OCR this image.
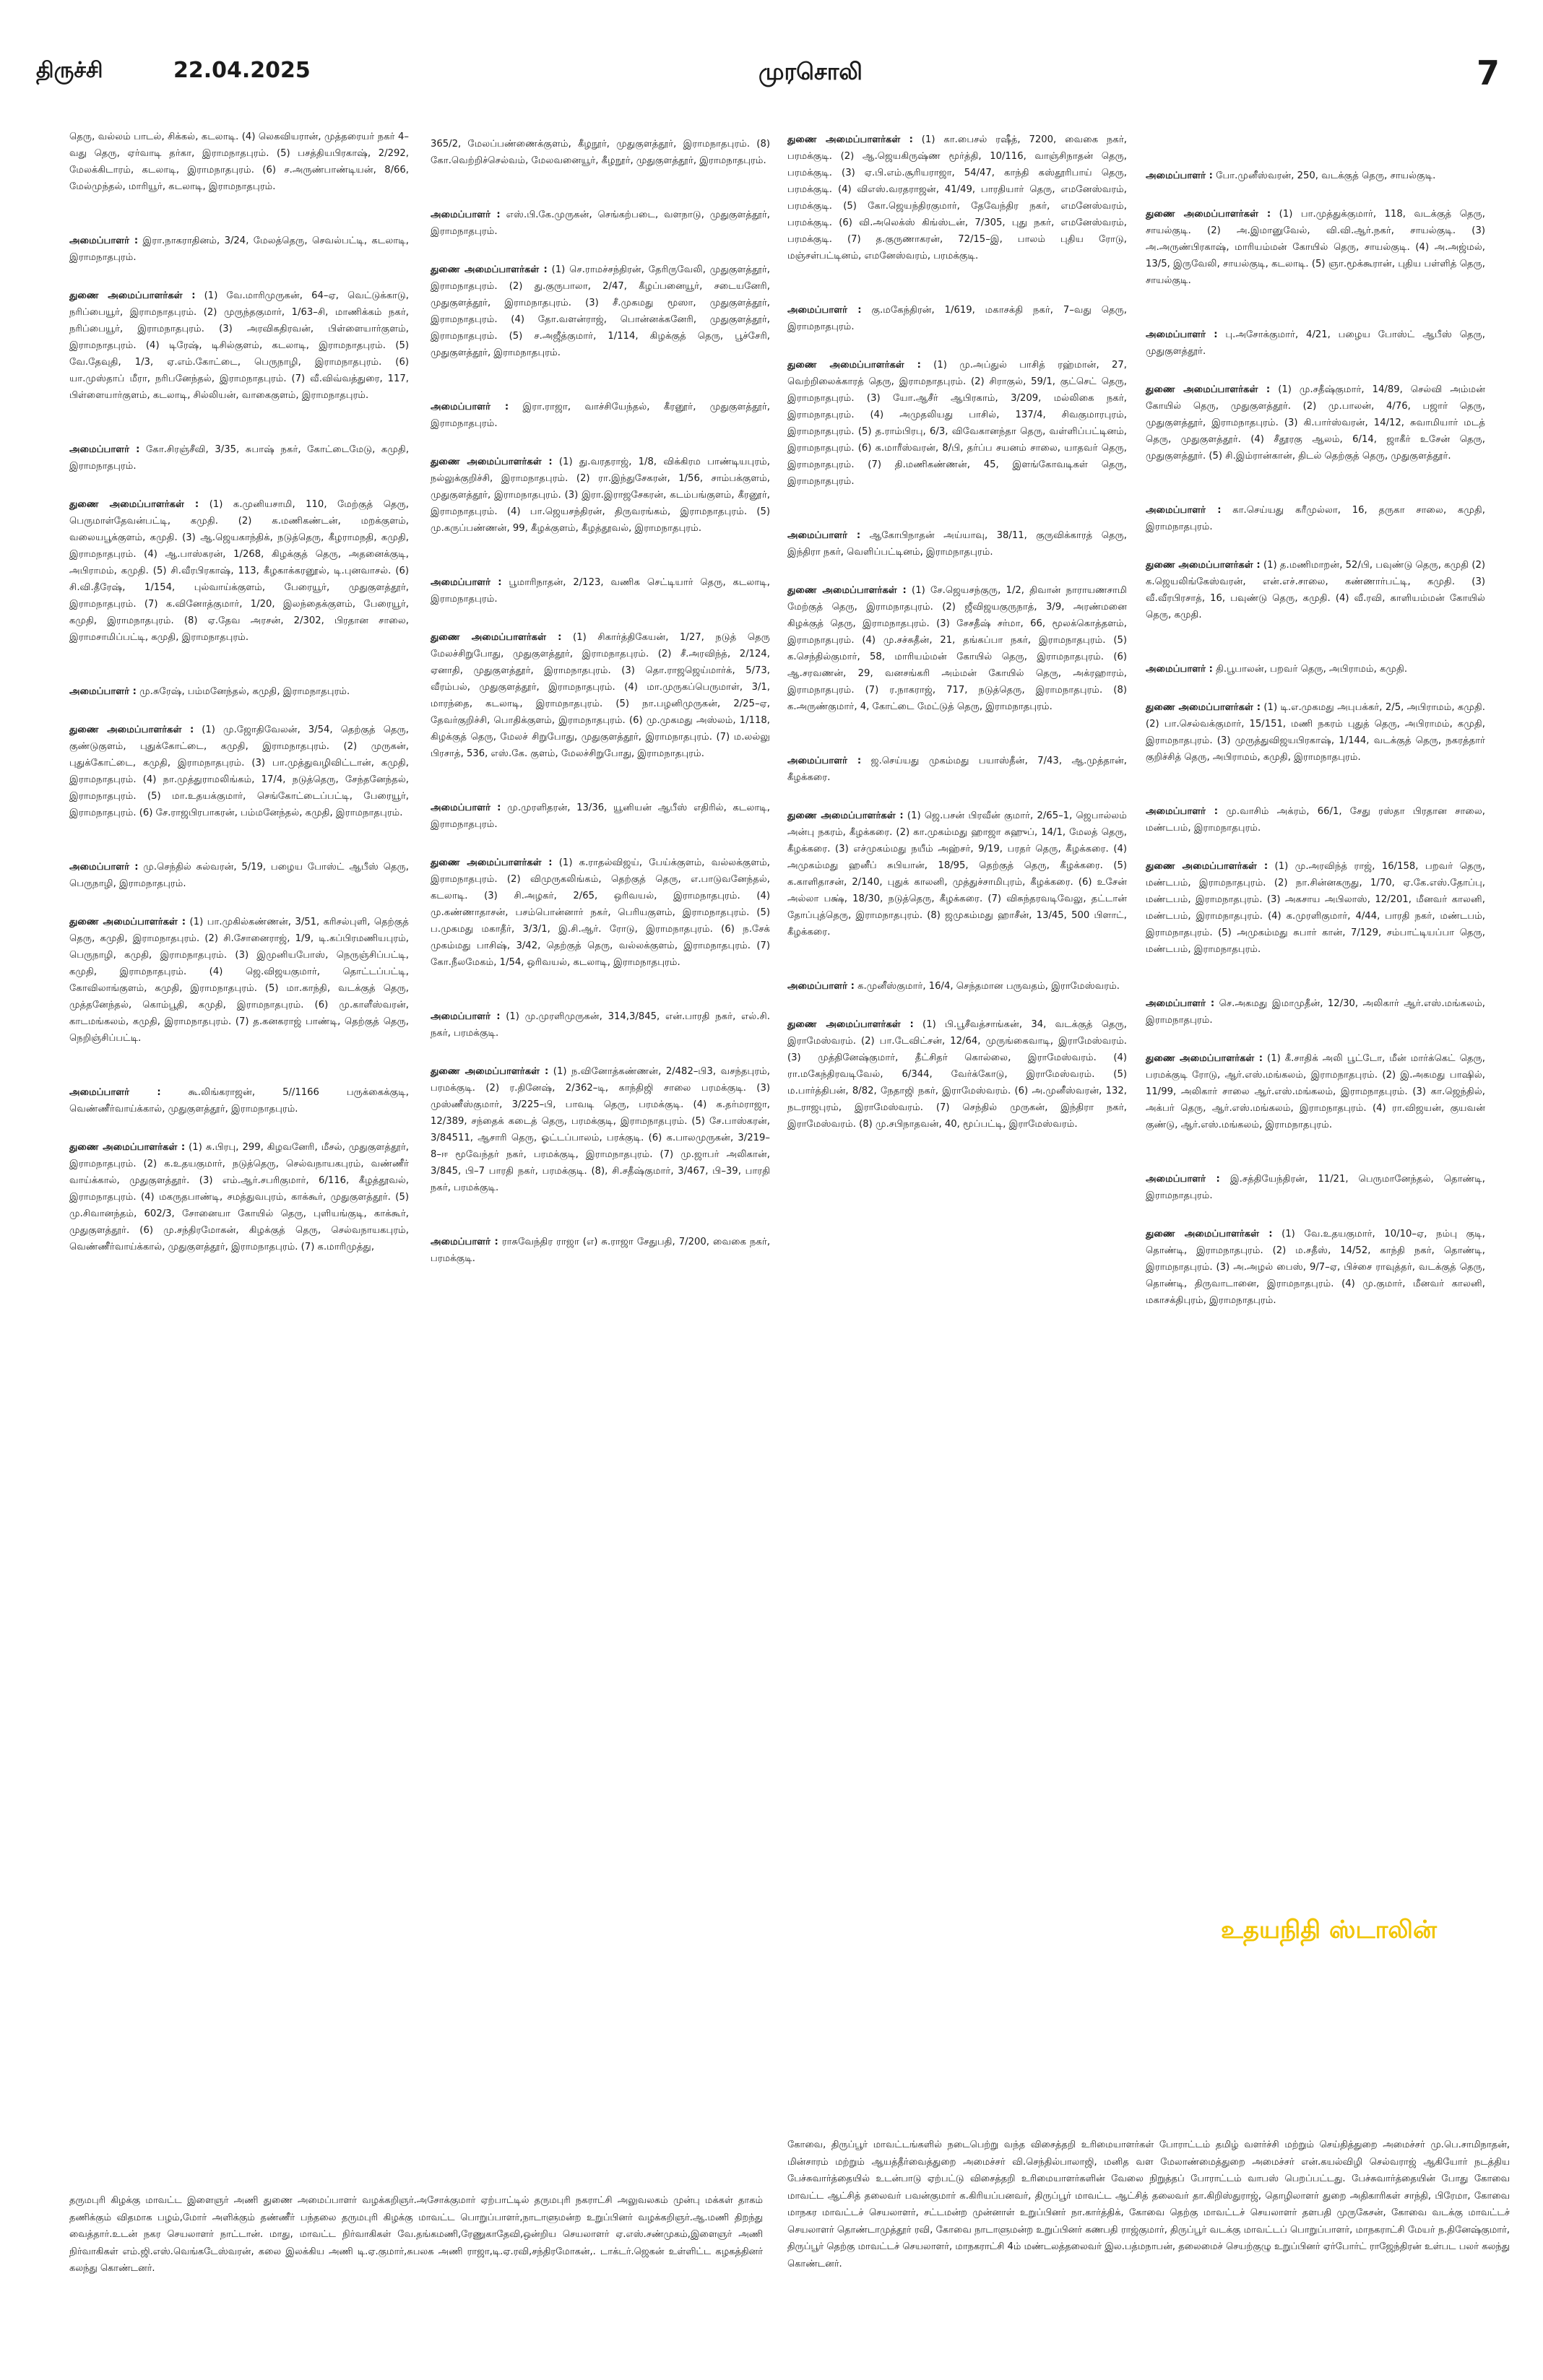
திருச்சி	22.04.2025	முரசொலி	7

தெரு, வல்லம் பாடல், சிக்கல், கடலாடி. (4) லெகவியரான், முத்தரையர் நகர் 4–வது தெரு, ஏர்வாடி தர்கா, இராமநாதபுரம். (5) பசத்தியபிரகாஷ், 2/292, மேலக்கிடாரம், கடலாடி, இராமநாதபுரம். (6) ச.அருண்பாண்டியன், 8/66, மேல்முந்தல், மாரியூர், கடலாடி, இராமநாதபுரம்.

அமைப்பாளர் : இரா.நாகராதினம், 3/24, மேலத்தெரு, செவல்பட்டி, கடலாடி, இராமநாதபுரம்.

துணை அமைப்பாளர்கள் : (1) வே.மாரிமுருகன், 64–ஏ, வெட்டுக்காடு, நரிப்பையூர், இராமநாதபுரம். (2) முருந்தகுமார், 1/63–சி, மாணிக்கம் நகர், நரிப்பையூர், இராமநாதபுரம். (3) அரவிகதிரவன், பிள்ளையார்குளம், இராமநாதபுரம். (4) டிரேஷ், டிசில்குளம், கடலாடி, இராமநாதபுரம். (5) வே.தேவுதி, 1/3, ஏ.எம்.கோட்டை, பெருநாழி, இராமநாதபுரம். (6) யா.முஸ்தாப் மீரா, நரிபனேந்தல், இராமநாதபுரம். (7) வீ.விவ்வத்துரை, 117, பிள்ளையார்குளம், கடலாடி, சில்லியன், வாகைகுளம், இராமநாதபுரம்.

அமைப்பாளர் : கோ.சிரஞ்சீவி, 3/35, சுபாஷ் நகர், கோட்டைமேடு, கமுதி, இராமநாதபுரம்.

துணை அமைப்பாளர்கள் : (1) க.முனியசாமி, 110, மேற்குத் தெரு, பெருமாள்தேவன்பட்டி, கமுதி. (2) க.மணிகண்டன், மறக்குளம், வலையபூக்குளம், கமுதி. (3) ஆ.ஜெயகாந்திக், நடுத்தெரு, கீழராமநதி, கமுதி, இராமநாதபுரம். (4) ஆ.பாஸ்கரன், 1/268, கிழக்குத் தெரு, அதனைக்குடி, அபிராமம், கமுதி. (5) சி.வீரபிரகாஷ், 113, கீழகாக்கரனூல், டி.புனவாசல். (6) சி.வி.தீரேஷ், 1/154, புல்வாய்க்குளம், பேரையூர், முதுகுளத்தூர், இராமநாதபுரம். (7) க.வினோத்குமார், 1/20, இலந்தைக்குளம், பேரையூர், கமுதி, இராமநாதபுரம். (8) ஏ.தேவ அரசன், 2/302, பிரதான சாலை, இராமசாமிப்பட்டி, கமுதி, இராமநாதபுரம்.

அமைப்பாளர் : மு.சுரேஷ், பம்மனேந்தல், கமுதி, இராமநாதபுரம்.

துணை அமைப்பாளர்கள் : (1) மு.ஜோதிவேலன், 3/54, தெற்குத் தெரு, குண்டுகுளம், புதுக்கோட்டை, கமுதி, இராமநாதபுரம். (2) முருகன், புதுக்கோட்டை, கமுதி, இராமநாதபுரம். (3) பா.முத்துவழிவிட்டான், கமுதி, இராமநாதபுரம். (4) நா.முத்துராமலிங்கம், 17/4, நடுத்தெரு, சேந்தனேந்தல், இராமநாதபுரம். (5) மா.உதயக்குமார், செங்கோட்டைப்பட்டி, பேரையூர், இராமநாதபுரம். (6) சே.ராஜபிரபாகரன், பம்மனேந்தல், கமுதி, இராமநாதபுரம்.

அமைப்பாளர் : மு.செந்தில் சுல்வரன், 5/19, பழைய போஸ்ட் ஆபீஸ் தெரு, பெருநாழி, இராமநாதபுரம்.

துணை அமைப்பாளர்கள் : (1) பா.முகில்கண்ணன், 3/51, கரிசல்புளி, தெற்குத் தெரு, கமுதி, இராமநாதபுரம். (2) சி.சோனைராஜ், 1/9, டி.கப்பிரமணியபுரம், பெருநாழி, கமுதி, இராமநாதபுரம். (3) இமுனியபோஸ், நெருஞ்சிப்பட்டி, கமுதி, இராமநாதபுரம். (4) ஜெ.விஜயகுமார், தொட்டப்பட்டி, கோவிலாங்குளம், கமுதி, இராமநாதபுரம். (5) மா.காந்தி, வடக்குத் தெரு, முத்தனேந்தல், கொம்பூதி, கமுதி, இராமநாதபுரம். (6) மு.காளீஸ்வரன், காடமங்கலம், கமுதி, இராமநாதபுரம். (7) த.கனகராஜ் பாண்டி, தெற்குத் தெரு, நெறிஞ்சிப்பட்டி.

அமைப்பாளர் : கூ.லிங்கராஜன், 5//1166 பருக்கைக்குடி, வெண்ணீர்வாய்க்கால், முதுகுளத்தூர், இராமநாதபுரம்.

துணை அமைப்பாளர்கள் : (1) சு.பிரபு, 299, கிழவனேரி, மீசல், முதுகுளத்தூர், இராமநாதபுரம். (2) க.உதயகுமார், நடுத்தெரு, செல்வநாயகபுரம், வண்ணீர் வாய்க்கால், முதுகுளத்தூர். (3) எம்.ஆர்.சபரிகுமார், 6/116, கீழத்தூவல், இராமநாதபுரம். (4) மகருதபாண்டி, சமத்துவபுரம், காக்கூர், முதுகுளத்தூர். (5) மு.சிவானந்தம், 602/3, சோனையா கோயில் தெரு, புளியங்குடி, காக்கூர், முதுகுளத்தூர். (6) மு.சந்திரமோகன், கிழக்குத் தெரு, செல்வநாயகபுரம், வெண்ணீர்வாய்க்கால், முதுகுளத்தூர், இராமநாதபுரம். (7) க.மாரிமுத்து,

365/2, மேலப்பண்ணைக்குளம், கீழநூர், முதுகுளத்தூர், இராமநாதபுரம். (8) கோ.வெற்றிச்செல்வம், மேலவனையூர், கீழநூர், முதுகுளத்தூர், இராமநாதபுரம்.

அமைப்பாளர் : எஸ்.பி.கே.முருகன், செங்கற்படை, வளநாடு, முதுகுளத்தூர், இராமநாதபுரம்.

துணை அமைப்பாளர்கள் : (1) செ.ராமச்சந்திரன், தேரிருவேலி, முதுகுளத்தூர், இராமநாதபுரம். (2) து.குருபாலா, 2/47, கீழப்பனையூர், சடையனேரி, முதுகுளத்தூர், இராமநாதபுரம். (3) சீ.முகமது மூஸா, முதுகுளத்தூர், இராமநாதபுரம். (4) தோ.வளன்ராஜ், பொன்னக்கனேரி, முதுகுளத்தூர், இராமநாதபுரம். (5) ச.அஜீத்குமார், 1/114, கிழக்குத் தெரு, பூச்சேரி, முதுகுளத்தூர், இராமநாதபுரம்.

அமைப்பாளர் : இரா.ராஜா, வாச்சியேந்தல், கீரனூர், முதுகுளத்தூர், இராமநாதபுரம்.

துணை அமைப்பாளர்கள் : (1) து.வரதராஜ், 1/8, விக்கிரம பாண்டியபுரம், நல்லுக்குறிச்சி, இராமநாதபுரம். (2) ரா.இந்துசேகரன், 1/56, சாம்பக்குளம், முதுகுளத்தூர், இராமநாதபுரம். (3) இரா.இராஜசேகரன், கடம்பங்குளம், கீரனூர், இராமநாதபுரம். (4) பா.ஜெயசந்திரன், திருவரங்கம், இராமநாதபுரம். (5) மு.கருப்பண்ணன், 99, கீழக்குளம், கீழத்தூவல், இராமநாதபுரம்.

அமைப்பாளர் : பூமாரிநாதன், 2/123, வணிக செட்டியார் தெரு, கடலாடி, இராமநாதபுரம்.

துணை அமைப்பாளர்கள் : (1) சிகார்த்திகேயன், 1/27, நடுத் தெரு மேலச்சிறுபோது, முதுகுளத்தூர், இராமநாதபுரம். (2) சீ.அரவிந்த், 2/124, ஏனாதி, முதுகுளத்தூர், இராமநாதபுரம். (3) தொ.ராஜஜெய்மார்க், 5/73, வீரம்பல், முதுகுளத்தூர், இராமநாதபுரம். (4) மா.முருகப்பெருமாள், 3/1, மாரந்தை, கடலாடி, இராமநாதபுரம். (5) நா.பழனிமுருகன், 2/25–ஏ, தேவர்குறிச்சி, பொதிக்குளம், இராமநாதபுரம். (6) மு.முகமது அஸ்லம், 1/118, கிழக்குத் தெரு, மேலச் சிறுபோது, முதுகுளத்தூர், இராமநாதபுரம். (7) ம.லல்லு பிரசாத், 536, எஸ்.கே. குளம், மேலச்சிறுபோது, இராமநாதபுரம்.

அமைப்பாளர் : மு.முரளிதரன், 13/36, யூனியன் ஆபீஸ் எதிரில், கடலாடி, இராமநாதபுரம்.

துணை அமைப்பாளர்கள் : (1) க.ராதல்விஜய், பேய்க்குளம், வல்லக்குளம், இராமநாதபுரம். (2) விமுருகலிங்கம், தெற்குத் தெரு, எ.பாடுவனேந்தல், கடலாடி. (3) சி.அழகர், 2/65, ஒரிவயல், இராமநாதபுரம். (4) மு.கண்ணாதாசன், பசம்பொன்னார் நகர், பெரியகுளம், இராமநாதபுரம். (5) ப.முகமது மகாதீர், 3/3/1, இ.சி.ஆர். ரோடு, இராமநாதபுரம். (6) ந.சேக் முகம்மது பாசிஷ், 3/42, தெற்குத் தெரு, வல்லக்குளம், இராமநாதபுரம். (7) கோ.நீலமேகம், 1/54, ஒரிவயல், கடலாடி, இராமநாதபுரம்.

அமைப்பாளர் : (1) மு.முரளிமுருகன், 314,3/845, என்.பாரதி நகர், எல்.சி. நகர், பரமக்குடி.

துணை அமைப்பாளர்கள் : (1) ந.வினோத்கண்ணன், 2/482–பி3, வசந்தபுரம், பரமக்குடி. (2) ர.தினேஷ், 2/362–டி, காந்திஜி சாலை பரமக்குடி. (3) முஸ்ணீஸ்குமார், 3/225–பி, பாவடி தெரு, பரமக்குடி. (4) க.தர்மராஜா, 12/389, சந்தைக் கடைத் தெரு, பரமக்குடி, இராமநாதபுரம். (5) சே.பாஸ்கரன், 3/84511, ஆசாரி தெரு, ஓட்டப்பாலம், பரக்குடி. (6) க.பாலமுருகன், 3/219–8–ஈ மூவேந்தர் நகர், பரமக்குடி, இராமநாதபுரம். (7) மு.ஜாபர் அலிகான், 3/845, பி–7 பாரதி நகர், பரமக்குடி. (8), சி.சதீஷ்குமார், 3/467, பி–39, பாரதி நகர், பரமக்குடி.

அமைப்பாளர் : ராசுவேந்திர ராஜா (எ) சு.ராஜா சேதுபதி, 7/200, வைகை நகர், பரமக்குடி.

துணை அமைப்பாளர்கள் : (1) கா.பைசல் ரஷீத், 7200, வைகை நகர், பரமக்குடி. (2) ஆ.ஜெயகிருஷ்ண மூர்த்தி, 10/116, வாஞ்சிநாதன் தெரு, பரமக்குடி. (3) ஏ.பி.எம்.சூரியராஜா, 54/47, காந்தி கஸ்தூரிபாய் தெரு, பரமக்குடி. (4) விஎஸ்.வரதராஜன், 41/49, பாரதியார் தெரு, எமனேஸ்வரம், பரமக்குடி. (5) கோ.ஜெயந்திரகுமார், தேவேந்திர நகர், எமனேஸ்வரம், பரமக்குடி. (6) வி.அலெக்ஸ் கிங்ஸ்டன், 7/305, புது நகர், எமனேஸ்வரம், பரமக்குடி. (7) த.குருணாகரன், 72/15–இ, பாலம் புதிய ரோடு, மஞ்சள்பட்டினம், எமனேஸ்வரம், பரமக்குடி.

அமைப்பாளர் : கு.மகேந்திரன், 1/619, மகாசக்தி நகர், 7–வது தெரு, இராமநாதபுரம்.

துணை அமைப்பாளர்கள் : (1) மு.அப்துல் பாசித் ரஹ்மான், 27, வெற்றிலைக்காரத் தெரு, இராமநாதபுரம். (2) சிராகுல், 59/1, குட்செட் தெரு, இராமநாதபுரம். (3) யோ.ஆசீர் ஆபிரகாம், 3/209, மல்லிகை நகர், இராமநாதபுரம். (4) அமுதலியது பாசில், 137/4, சிவகுமாரபுரம், இராமநாதபுரம். (5) த.ராம்பிரபு, 6/3, விவேகானந்தா தெரு, வள்ளிப்பட்டினம், இராமநாதபுரம். (6) க.மாரீஸ்வரன், 8/பி, தர்ப்ப சயனம் சாலை, யாதவர் தெரு, இராமநாதபுரம். (7) தி.மணிகண்ணன், 45, இளங்கோவடிகள் தெரு, இராமநாதபுரம்.

அமைப்பாளர் : ஆகோபிநாதன் அய்யாவு, 38/11, குருவிக்காரத் தெரு, இந்திரா நகர், வெளிப்பட்டினம், இராமநாதபுரம்.

துணை அமைப்பாளர்கள் : (1) சே.ஜெயசந்குரு, 1/2, திவான் நாராயணசாமி மேற்குத் தெரு, இராமநாதபுரம். (2) ஜீவிஜயகுருநாத், 3/9, அரண்மனை கிழக்குத் தெரு, இராமநாதபுரம். (3) சேசதீஷ் சர்மா, 66, மூலக்கொத்தளம், இராமநாதபுரம். (4) மு.சச்சுதீன், 21, தங்கப்பா நகர், இராமநாதபுரம். (5) க.செந்தில்குமார், 58, மாரியம்மன் கோயில் தெரு, இராமநாதபுரம். (6) ஆ.சரவணன், 29, வனசங்கரி அம்மன் கோயில் தெரு, அக்ரஹாரம், இராமநாதபுரம். (7) ர.நாகராஜ், 717, நடுத்தெரு, இராமநாதபுரம். (8) க.அருண்குமார், 4, கோட்டை மேட்டுத் தெரு, இராமநாதபுரம்.

அமைப்பாளர் : ஜ.செய்யது முகம்மது பயாஸ்தீன், 7/43, ஆ.முத்தான், கீழக்கரை.

துணை அமைப்பாளர்கள் : (1) ஜெ.பசன் பிரவீன் குமார், 2/65–1, ஜெபால்லம் அன்பு நகரம், கீழக்கரை. (2) கா.முகம்மது ஹாஜா சுஹுப், 14/1, மேலத் தெரு, கீழக்கரை. (3) எச்முகம்மது நயீம் அஹ்சர், 9/19, பரதர் தெரு, கீழக்கரை. (4) அமுகம்மது ஹனீப் சுபியான், 18/95, தெற்குத் தெரு, கீழக்கரை. (5) க.காளிதாசன், 2/140, புதுக் காலனி, முத்துச்சாமிபுரம், கீழக்கரை. (6) உசேன் அல்லா பக்ஷ், 18/30, நடுத்தெரு, கீழக்கரை. (7) விசுந்தரவடிவேலு, தட்டான் தோப்புத்தெரு, இராமநாதபுரம். (8) ஜமுகம்மது ஹாசீன், 13/45, 500 பிளாட், கீழக்கரை.

அமைப்பாளர் : க.முனீஸ்குமார், 16/4, செந்தமான பருவதம், இராமேஸ்வரம்.

துணை அமைப்பாளர்கள் : (1) பி.பூசீவத்சாங்கன், 34, வடக்குத் தெரு, இராமேஸ்வரம். (2) பா.டேவிட்சன், 12/64, முருங்கைவாடி, இராமேஸ்வரம். (3) முத்தினேஷ்குமார், தீட்சிதர் கொல்லை, இராமேஸ்வரம். (4) ரா.மகேந்திரவடிவேல், 6/344, வேர்க்கோடு, இராமேஸ்வரம். (5) ம.பார்த்திபன், 8/82, நேதாஜி நகர், இராமேஸ்வரம். (6) அ.முனீஸ்வரன், 132, நடராஜபுரம், இராமேஸ்வரம். (7) செந்தில் முருகன், இந்திரா நகர், இராமேஸ்வரம். (8) மு.சபிநாதவன், 40, மூப்பட்டி, இராமேஸ்வரம்.

அமைப்பாளர் : போ.முனீஸ்வரன், 250, வடக்குத் தெரு, சாயல்குடி.

துணை அமைப்பாளர்கள் : (1) பா.முத்துக்குமார், 118, வடக்குத் தெரு, சாயல்குடி. (2) அ.இமானுவேல், வி.வி.ஆர்.நகர், சாயல்குடி. (3) அ.அருண்பிரகாஷ், மாரியம்மன் கோயில் தெரு, சாயல்குடி. (4) அ.அஜ்மல், 13/5, இருவேலி, சாயல்குடி, கடலாடி. (5) ஞா.மூக்கூரான், புதிய பள்ளித் தெரு, சாயல்குடி.

அமைப்பாளர் : பு.அசோக்குமார், 4/21, பழைய போஸ்ட் ஆபீஸ் தெரு, முதுகுளத்தூர்.

துணை அமைப்பாளர்கள் : (1) மு.சதீஷ்குமார், 14/89, செல்வி அம்மன் கோயில் தெரு, முதுகுளத்தூர். (2) மு.பாலன், 4/76, பஜார் தெரு, முதுகுளத்தூர், இராமநாதபுரம். (3) கி.பார்ஸ்வரன், 14/12, சுவாமியார் மடத் தெரு, முதுகுளத்தூர். (4) சீதூரகு ஆலம், 6/14, ஜாகீர் உசேன் தெரு, முதுகுளத்தூர். (5) சி.இம்ரான்கான், திடல் தெற்குத் தெரு, முதுகுளத்தூர்.

அமைப்பாளர் : கா.செய்யது கரீமுல்லா, 16, தருகா சாலை, கமுதி, இராமநாதபுரம்.

துணை அமைப்பாளர்கள் : (1) த.மணிமாறன், 52/பி, பவுண்டு தெரு, கமுதி (2) க.ஜெயலிங்கேஸ்வரன், என்.எச்.சாலை, கண்ணார்பட்டி, கமுதி. (3) வீ.வீரபிரசாத், 16, பவுண்டு தெரு, கமுதி. (4) வீ.ரவி, காளியம்மன் கோயில் தெரு, கமுதி.

அமைப்பாளர் : தி.பூபாலன், பறவர் தெரு, அபிராமம், கமுதி.

துணை அமைப்பாளர்கள் : (1) டி.எ.முகமது அபுபக்கர், 2/5, அபிராமம், கமுதி. (2) பா.செல்வக்குமார், 15/151, மணி நகரம் புதுத் தெரு, அபிராமம், கமுதி, இராமநாதபுரம். (3) முருத்துவிஜயபிரகாஷ், 1/144, வடக்குத் தெரு, நகரத்தார் குறிச்சித் தெரு, அபிராமம், கமுதி, இராமநாதபுரம்.

அமைப்பாளர் : மு.வாசிம் அக்ரம், 66/1, சேது ரஸ்தா பிரதான சாலை, மண்டபம், இராமநாதபுரம்.

துணை அமைப்பாளர்கள் : (1) மு.அரவிந்த் ராஜ், 16/158, பறவர் தெரு, மண்டபம், இராமநாதபுரம். (2) நா.சின்னகருது, 1/70, ஏ.கே.எஸ்.தோப்பு, மண்டபம், இராமநாதபுரம். (3) அகசாய அபிலாஸ், 12/201, மீனவர் காலனி, மண்டபம், இராமநாதபுரம். (4) க.முரளிகுமார், 4/44, பாரதி நகர், மண்டபம், இராமநாதபுரம். (5) அமுகம்மது சுபார் கான், 7/129, சம்பாட்டியப்பா தெரு, மண்டபம், இராமநாதபுரம்.

அமைப்பாளர் : செ.அகமது இமாமுதீன், 12/30, அலிகார் ஆர்.எஸ்.மங்கலம், இராமநாதபுரம்.

துணை அமைப்பாளர்கள் : (1) கீ.சாதிக் அலி பூட்டோ, மீன் மார்க்கெட் தெரு, பரமக்குடி ரோடு, ஆர்.எஸ்.மங்கலம், இராமநாதபுரம். (2) இ.அகமது பாஷில், 11/99, அலிகார் சாலை ஆர்.எஸ்.மங்கலம், இராமநாதபுரம். (3) கா.ஜெந்தில், அக்பர் தெரு, ஆர்.எஸ்.மங்கலம், இராமநாதபுரம். (4) ரா.விஜயன், குயவன் குண்டு, ஆர்.எஸ்.மங்கலம், இராமநாதபுரம்.

அமைப்பாளர் : இ.சத்தியேந்திரன், 11/21, பெருமானேந்தல், தொண்டி, இராமநாதபுரம்.

துணை அமைப்பாளர்கள் : (1) வே.உதயகுமார், 10/10–ஏ, நம்பு குடி, தொண்டி, இராமநாதபுரம். (2) ம.சதீஸ், 14/52, காந்தி நகர், தொண்டி, இராமநாதபுரம். (3) அ.அழல் பைஸ், 9/7–ஏ, பிச்சை ராவுத்தர், வடக்குத் தெரு, தொண்டி, திருவாடானை, இராமநாதபுரம். (4) மு.குமார், மீனவர் காலனி, மகாசக்திபுரம், இராமநாதபுரம்.

உதயநிதி ஸ்டாலின்
கோவை, திருப்பூர் மாவட்டங்களில் நடைபெற்று வந்த விசைத்தறி உரிமையாளர்கள் போராட்டம் தமிழ் வளர்ச்சி மற்றும் செய்தித்துறை அமைச்சர் மு.பெ.சாமிநாதன், மின்சாரம் மற்றும் ஆயத்தீர்வைத்துறை அமைச்சர் வி.செந்தில்பாலாஜி, மனித வள மேலாண்மைத்துறை அமைச்சர் என்.கயல்விழி செல்வராஜ் ஆகியோர் நடத்திய பேச்சுவார்த்தையில் உடன்பாடு ஏற்பட்டு விசைத்தறி உரிமையாளர்களின் வேலை நிறுத்தப் போராட்டம் வாபஸ் பெறப்பட்டது. பேச்சுவார்த்தையின் போது கோவை மாவட்ட ஆட்சித் தலைவர் பவன்குமார் க.கிரியப்பனவர், திருப்பூர் மாவட்ட ஆட்சித் தலைவர் தா.கிறிஸ்துராஜ், தொழிலாளர் துறை அதிகாரிகள் சாந்தி, பிரேமா, கோவை மாநகர மாவட்டச் செயலாளர், சட்டமன்ற முன்னாள் உறுப்பினர் நா.கார்த்திக், கோவை தெற்கு மாவட்டச் செயலாளர் தளபதி முருகேசன், கோவை வடக்கு மாவட்டச் செயலாளர் தொண்டாமுத்தூர் ரவி, கோவை நாடாளுமன்ற உறுப்பினர் கணபதி ராஜ்குமார், திருப்பூர் வடக்கு மாவட்டப் பொறுப்பாளர், மாநகராட்சி மேயர் ந.தினேஷ்குமார், திருப்பூர் தெற்கு மாவட்டச் செயலாளர், மாநகராட்சி 4ம் மண்டலத்தலைவர் இல.பத்மநாபன், தலைமைச் செயற்குழு உறுப்பினர் ஏர்போர்ட் ராஜேந்திரன் உள்பட பலர் கலந்து கொண்டனர்.
தருமபுரி கிழக்கு மாவட்ட இளைஞர் அணி துணை அமைப்பாளர் வழக்கறிஞர்.அசோக்குமார் ஏற்பாட்டில் தருமபுரி நகராட்சி அலுவலகம் முன்பு மக்கள் தாகம் தணிக்கும் விதமாக பழம்,மோர் அளிக்கும் தண்ணீர் பந்தலை தருமபுரி கிழக்கு மாவட்ட பொறுப்பாளர்,நாடாளுமன்ற உறுப்பினர் வழக்கறிஞர்.ஆ.மணி திறந்து வைத்தார்.உடன் நகர செயலாளர் நாட்டான். மாது, மாவட்ட நிர்வாகிகள் வே.தங்கமணி,ரேணுகாதேவி,ஒன்றிய செயலாளர் ஏ.எஸ்.சண்முகம்,இளைஞர் அணி நிர்வாகிகள் எம்.ஜி.எஸ்.வெங்கடேஸ்வரன், கலை இலக்கிய அணி டி.ஏ.குமார்,சுபலக அணி ராஜா,டி.ஏ.ரவி,சந்திரமோகன்,. டாக்டர்.ஜெகன் உள்ளிட்ட கழகத்தினர் கலந்து கொண்டனர்.
